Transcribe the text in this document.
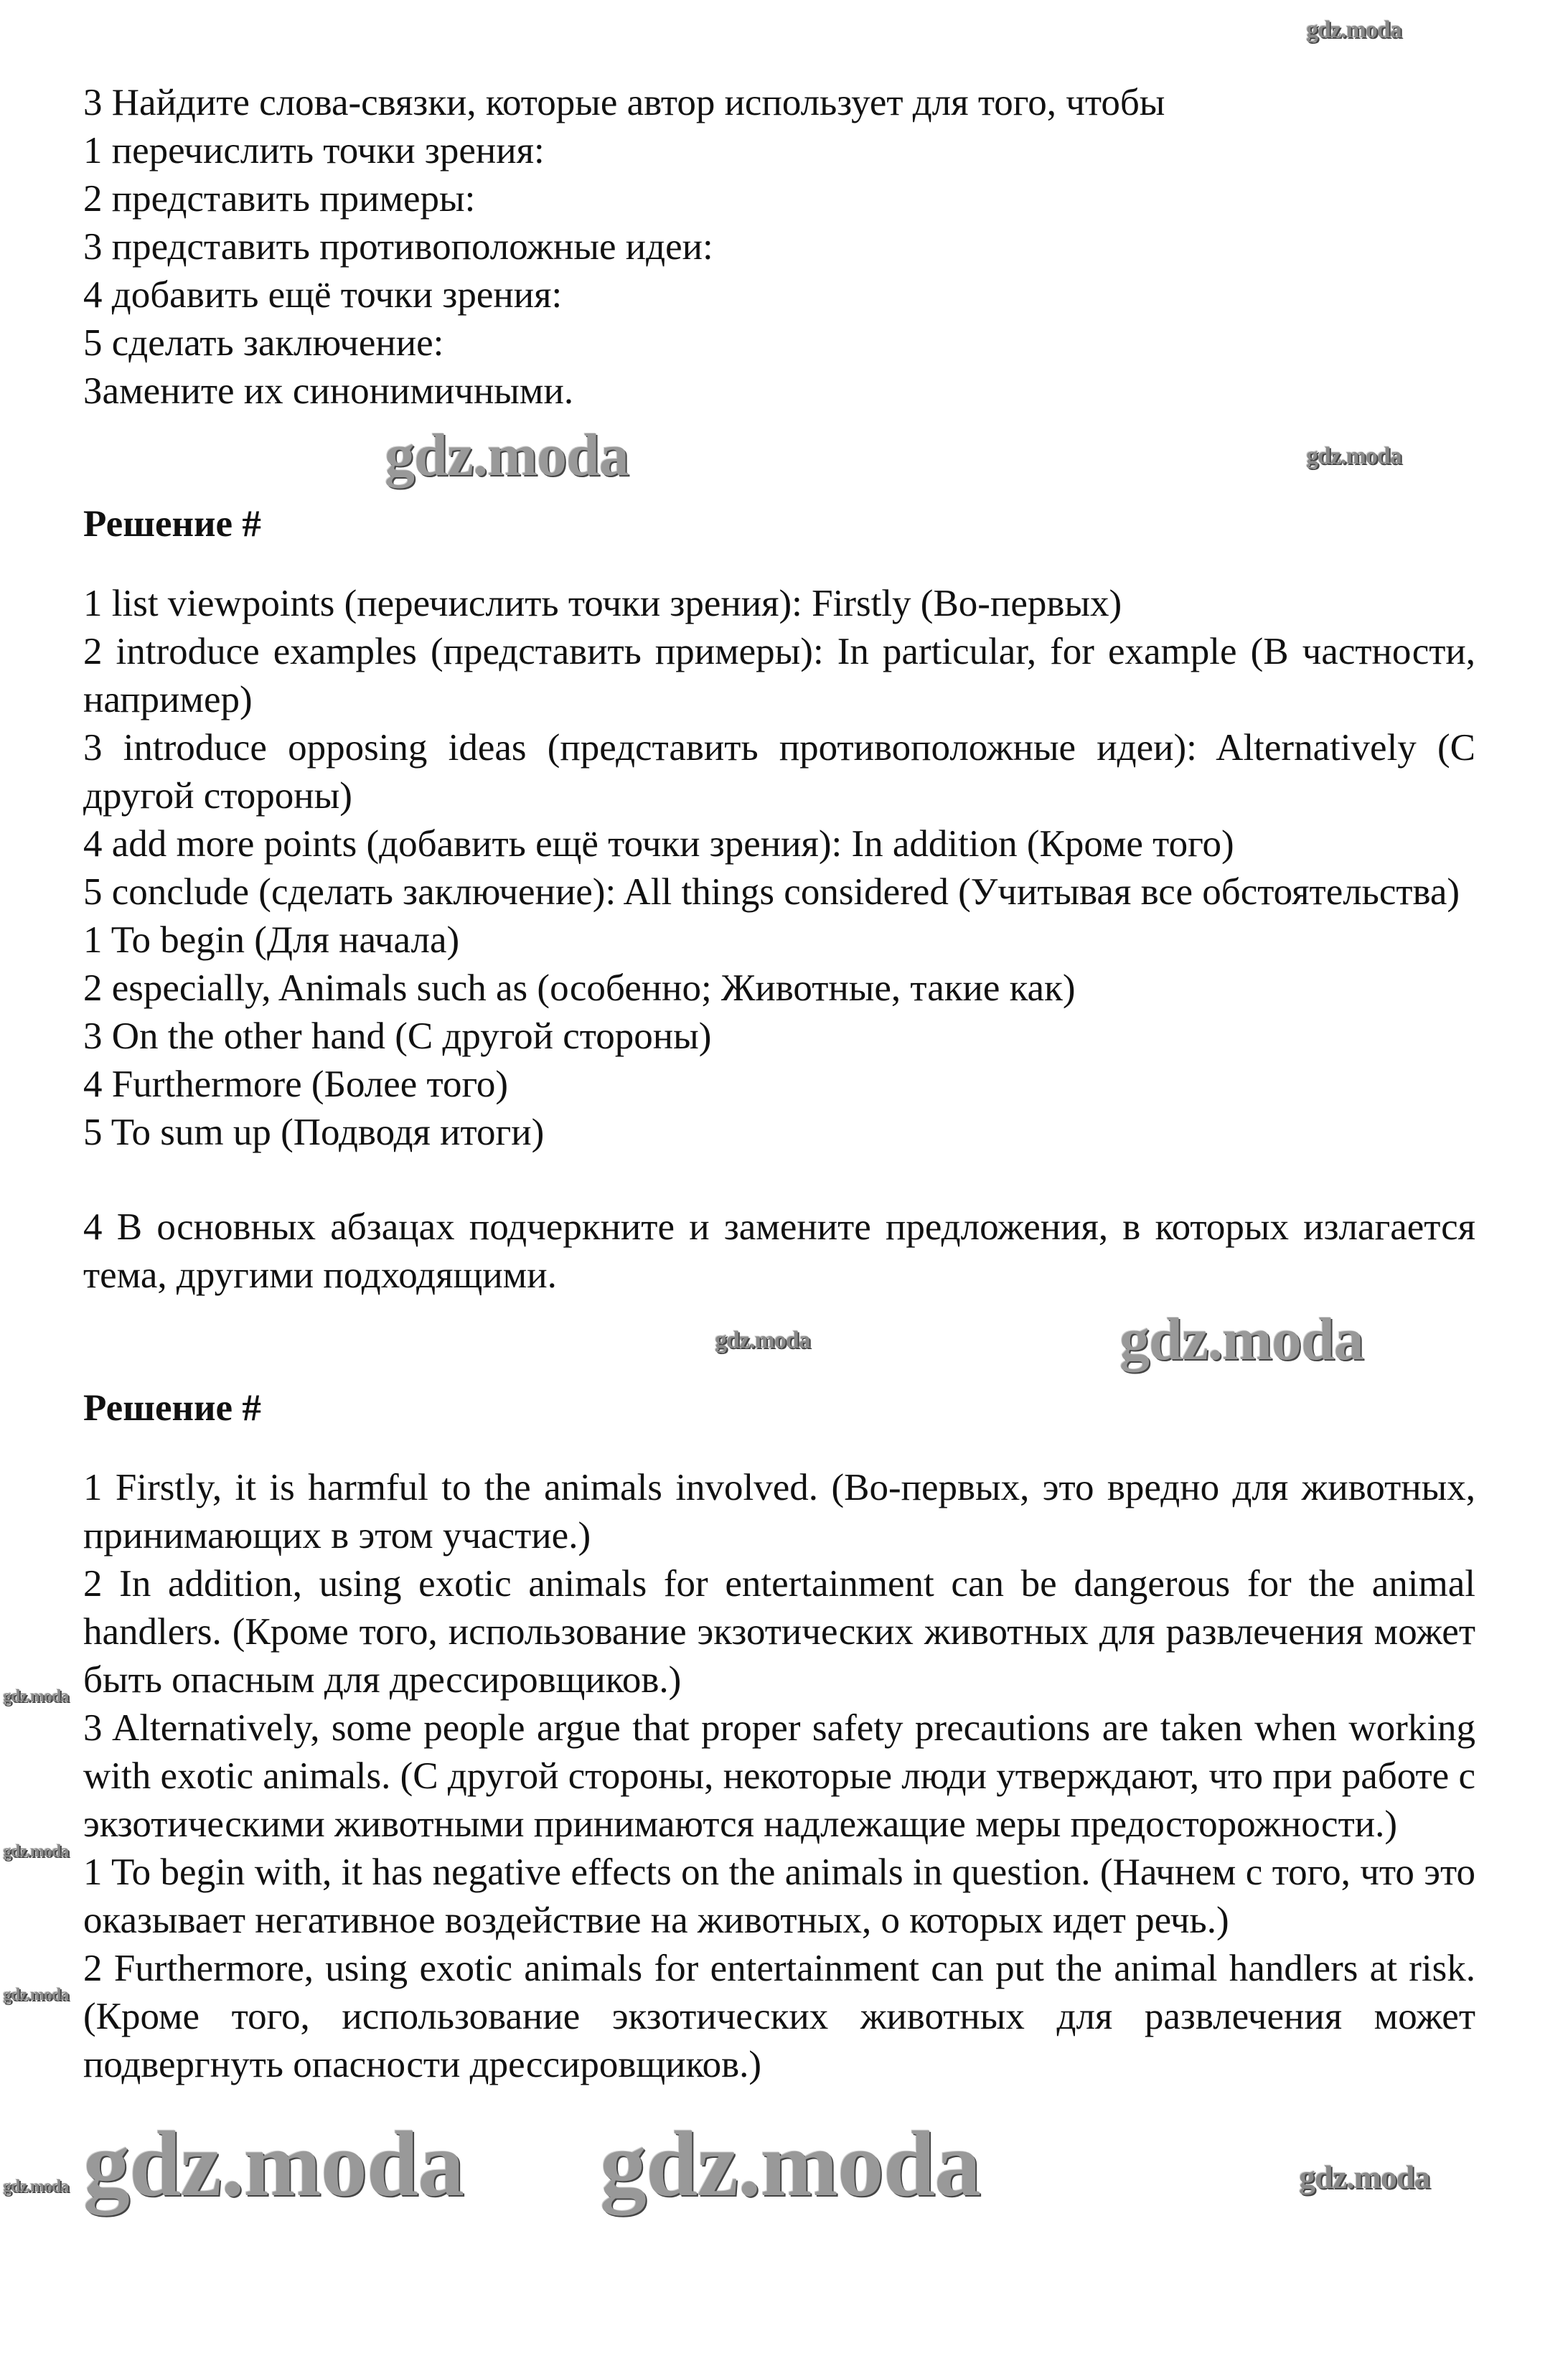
gdz.moda

3 Найдите слова-связки, которые автор использует для того, чтобы

1 перечислить точки зрения:

2 представить примеры:

3 представить противоположные идеи:

4 добавить ещё точки зрения:

5 сделать заключение:

Замените их синонимичными.

gdz.moda	gdz.moda

Решение #

1 list viewpoints (перечислить точки зрения): Firstly (Во-первых)

2 introduce examples (представить примеры): In particular, for example (В частности, например)

3 introduce opposing ideas (представить противоположные идеи): Alternatively (С другой стороны)

4 add more points (добавить ещё точки зрения): In addition (Кроме того)

5 conclude (сделать заключение): All things considered (Учитывая все обстоятельства)

1 To begin (Для начала)

2 especially, Animals such as (особенно; Животные, такие как)

3 On the other hand (С другой стороны)

4 Furthermore (Более того)

5 To sum up (Подводя итоги)

4 В основных абзацах подчеркните и замените предложения, в которых излагается тема, другими подходящими.

gdz.moda
gdz.moda

Решение #

1 Firstly, it is harmful to the animals involved. (Во-первых, это вредно для животных, принимающих в этом участие.)

2 In addition, using exotic animals for entertainment can be dangerous for the animal handlers. (Кроме того, использование экзотических животных для развлечения может быть опасным для дрессировщиков.)

3 Alternatively, some people argue that proper safety precautions are taken when working with exotic animals. (С другой стороны, некоторые люди утверждают, что при работе с экзотическими животными принимаются надлежащие меры предосторожности.)

1 To begin with, it has negative effects on the animals in question. (Начнем с того, что это оказывает негативное воздействие на животных, о которых идет речь.)

2 Furthermore, using exotic animals for entertainment can put the animal handlers at risk. (Кроме того, использование экзотических животных для развлечения может подвергнуть опасности дрессировщиков.)

gdz.moda gdz.moda	gdz.moda
gdz.moda
gdz.moda
gdz.moda
gdz.moda
